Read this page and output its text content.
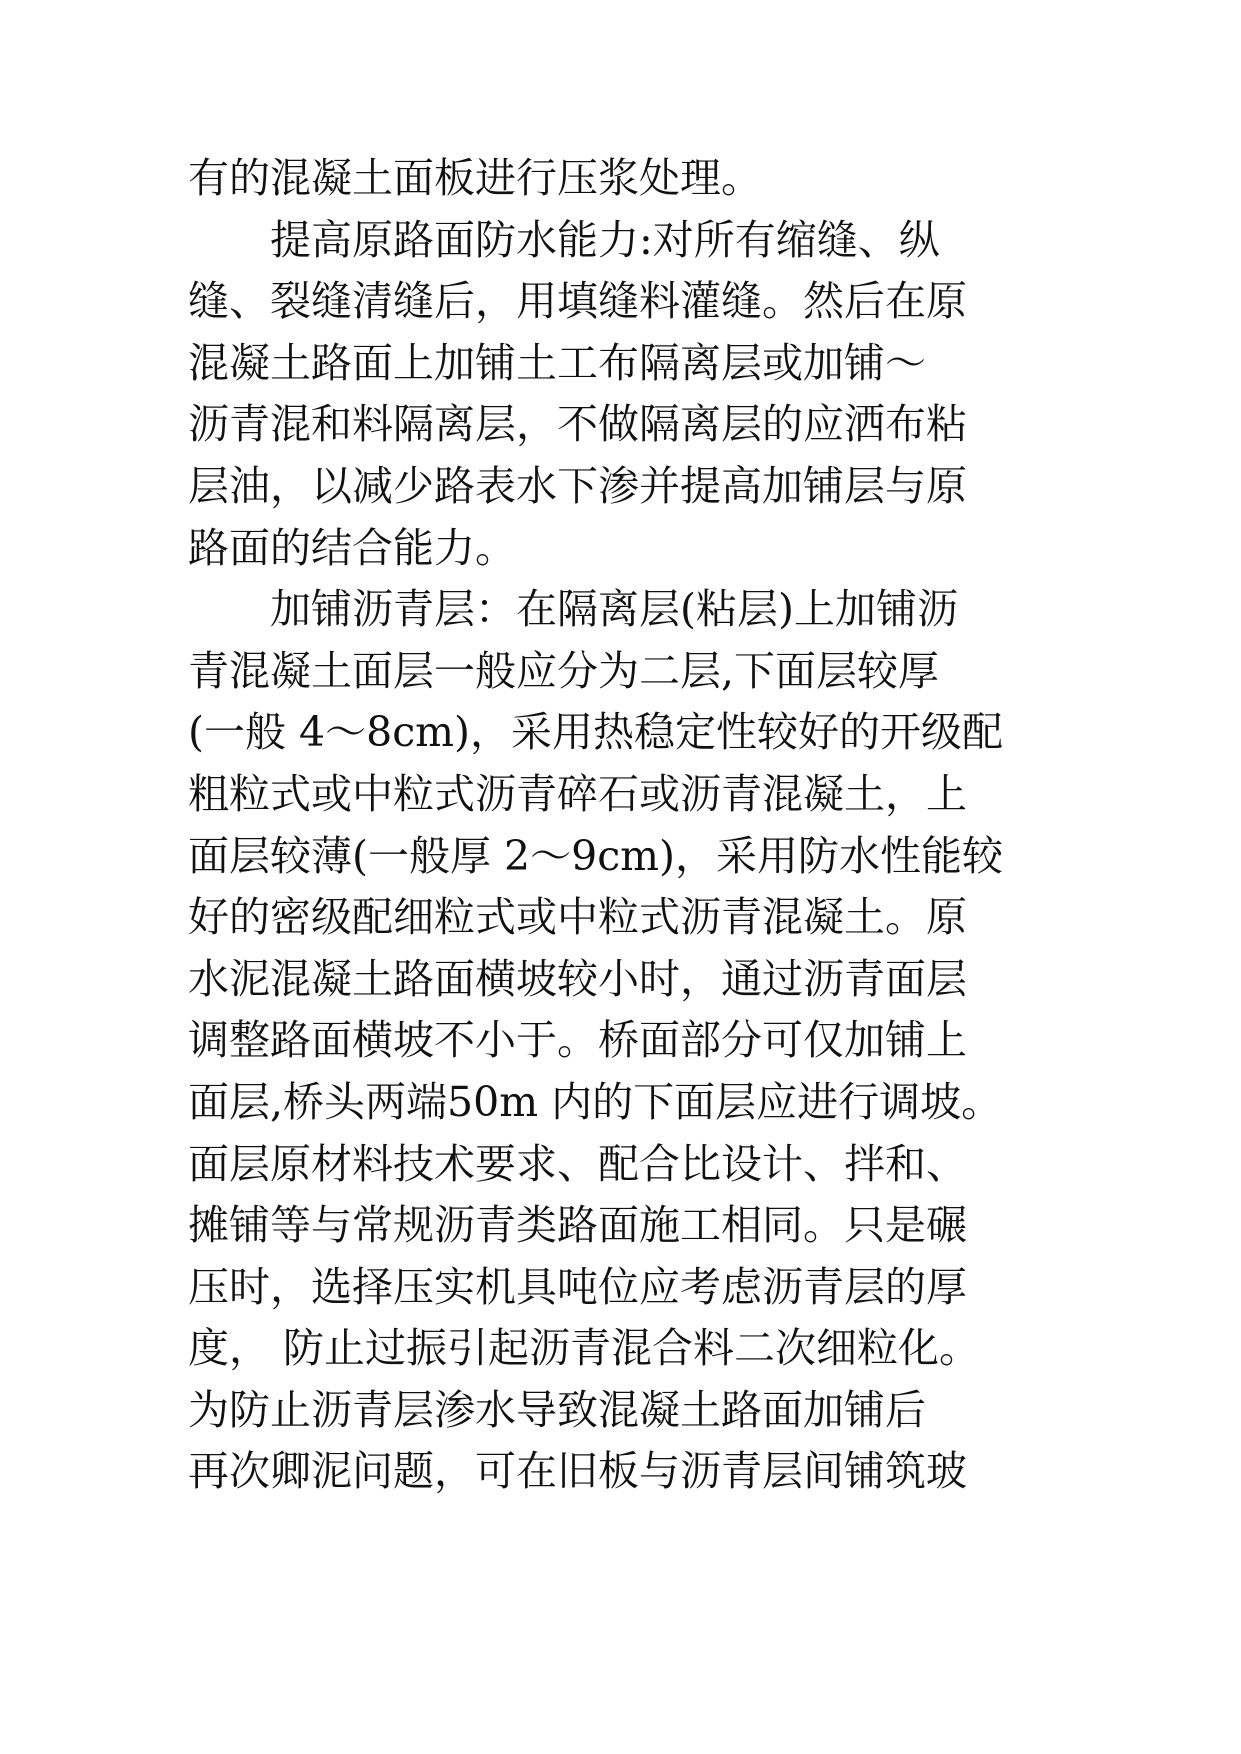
有的混凝土面板进行压浆处理。
　　提高原路面防水能力:对所有缩缝、纵
缝、裂缝清缝后，用填缝料灌缝。然后在原
混凝土路面上加铺土工布隔离层或加铺～
沥青混和料隔离层，不做隔离层的应洒布粘
层油，以减少路表水下渗并提高加铺层与原
路面的结合能力。
　　加铺沥青层：在隔离层(粘层)上加铺沥
青混凝土面层一般应分为二层,下面层较厚
(一般 4～8cm)，采用热稳定性较好的开级配
粗粒式或中粒式沥青碎石或沥青混凝土，上
面层较薄(一般厚 2～9cm)，采用防水性能较
好的密级配细粒式或中粒式沥青混凝土。原
水泥混凝土路面横坡较小时，通过沥青面层
调整路面横坡不小于。桥面部分可仅加铺上
面层,桥头两端50m 内的下面层应进行调坡。
面层原材料技术要求、配合比设计、拌和、
摊铺等与常规沥青类路面施工相同。只是碾
压时，选择压实机具吨位应考虑沥青层的厚
度， 防止过振引起沥青混合料二次细粒化。
为防止沥青层渗水导致混凝土路面加铺后
再次卿泥问题，可在旧板与沥青层间铺筑玻
